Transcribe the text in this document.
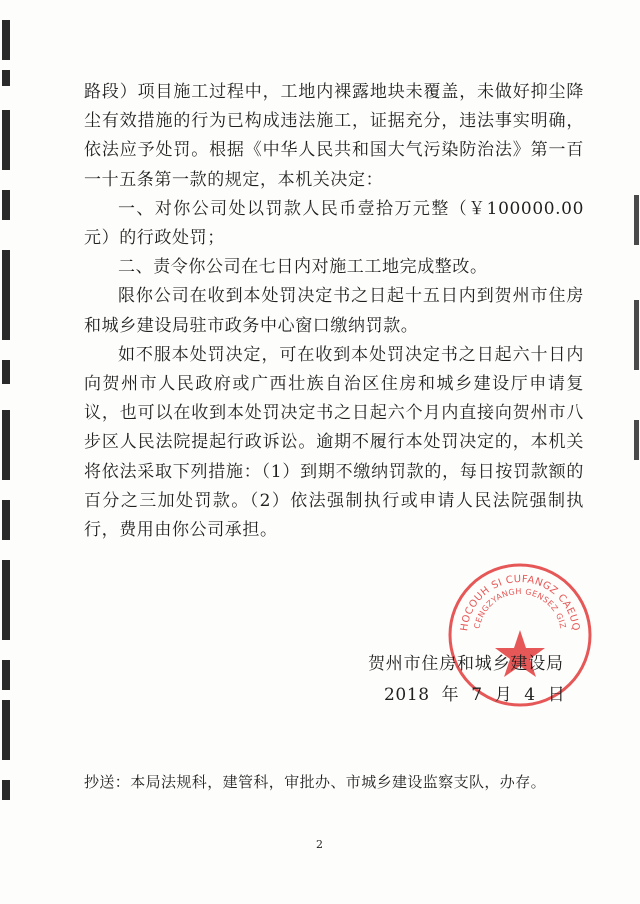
路段）项目施工过程中，工地内裸露地块未覆盖，未做好抑尘降尘有效措施的行为已构成违法施工，证据充分，违法事实明确，依法应予处罚。根据《中华人民共和国大气污染防治法》第一百一十五条第一款的规定，本机关决定：

一、对你公司处以罚款人民币壹拾万元整（￥100000.00元）的行政处罚；

二、责令你公司在七日内对施工工地完成整改。

限你公司在收到本处罚决定书之日起十五日内到贺州市住房和城乡建设局驻市政务中心窗口缴纳罚款。

如不服本处罚决定，可在收到本处罚决定书之日起六十日内向贺州市人民政府或广西壮族自治区住房和城乡建设厅申请复议，也可以在收到本处罚决定书之日起六个月内直接向贺州市八步区人民法院提起行政诉讼。逾期不履行本处罚决定的，本机关将依法采取下列措施：（1）到期不缴纳罚款的，每日按罚款额的百分之三加处罚款。（2）依法强制执行或申请人民法院强制执行，费用由你公司承担。

HOCOUH SI CUFANGZ CAEUQ
CENGZYANGH GENSEZ GIZ
贺州市住房和城乡建设局
2018 年 7 月 4 日
抄送：本局法规科，建管科，审批办、市城乡建设监察支队，办存。
2
